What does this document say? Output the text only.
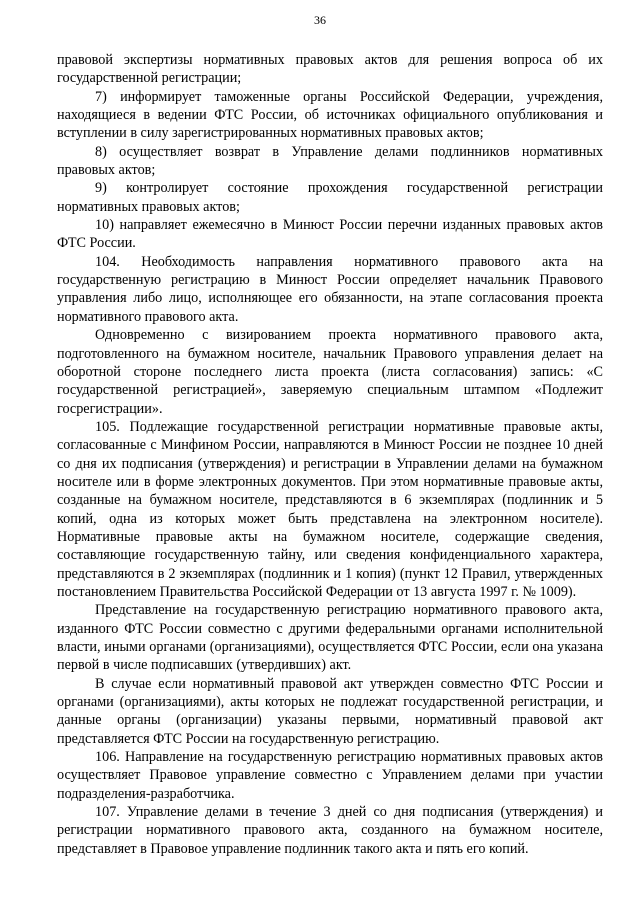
36

правовой экспертизы нормативных правовых актов для решения вопроса об их государственной регистрации;

7) информирует таможенные органы Российской Федерации, учреждения, находящиеся в ведении ФТС России, об источниках официального опубликования и вступлении в силу зарегистрированных нормативных правовых актов;

8) осуществляет возврат в Управление делами подлинников нормативных правовых актов;

9) контролирует состояние прохождения государственной регистрации нормативных правовых актов;

10) направляет ежемесячно в Минюст России перечни изданных правовых актов ФТС России.

104. Необходимость направления нормативного правового акта на государственную регистрацию в Минюст России определяет начальник Правового управления либо лицо, исполняющее его обязанности, на этапе согласования проекта нормативного правового акта.

Одновременно с визированием проекта нормативного правового акта, подготовленного на бумажном носителе, начальник Правового управления делает на оборотной стороне последнего листа проекта (листа согласования) запись: «С государственной регистрацией», заверяемую специальным штампом «Подлежит госрегистрации».

105. Подлежащие государственной регистрации нормативные правовые акты, согласованные с Минфином России, направляются в Минюст России не позднее 10 дней со дня их подписания (утверждения) и регистрации в Управлении делами на бумажном носителе или в форме электронных документов. При этом нормативные правовые акты, созданные на бумажном носителе, представляются в 6 экземплярах (подлинник и 5 копий, одна из которых может быть представлена на электронном носителе). Нормативные правовые акты на бумажном носителе, содержащие сведения, составляющие государственную тайну, или сведения конфиденциального характера, представляются в 2 экземплярах (подлинник и 1 копия) (пункт 12 Правил, утвержденных постановлением Правительства Российской Федерации от 13 августа 1997 г. № 1009).

Представление на государственную регистрацию нормативного правового акта, изданного ФТС России совместно с другими федеральными органами исполнительной власти, иными органами (организациями), осуществляется ФТС России, если она указана первой в числе подписавших (утвердивших) акт.

В случае если нормативный правовой акт утвержден совместно ФТС России и органами (организациями), акты которых не подлежат государственной регистрации, и данные органы (организации) указаны первыми, нормативный правовой акт представляется ФТС России на государственную регистрацию.

106. Направление на государственную регистрацию нормативных правовых актов осуществляет Правовое управление совместно с Управлением делами при участии подразделения-разработчика.

107. Управление делами в течение 3 дней со дня подписания (утверждения) и регистрации нормативного правового акта, созданного на бумажном носителе, представляет в Правовое управление подлинник такого акта и пять его копий.
